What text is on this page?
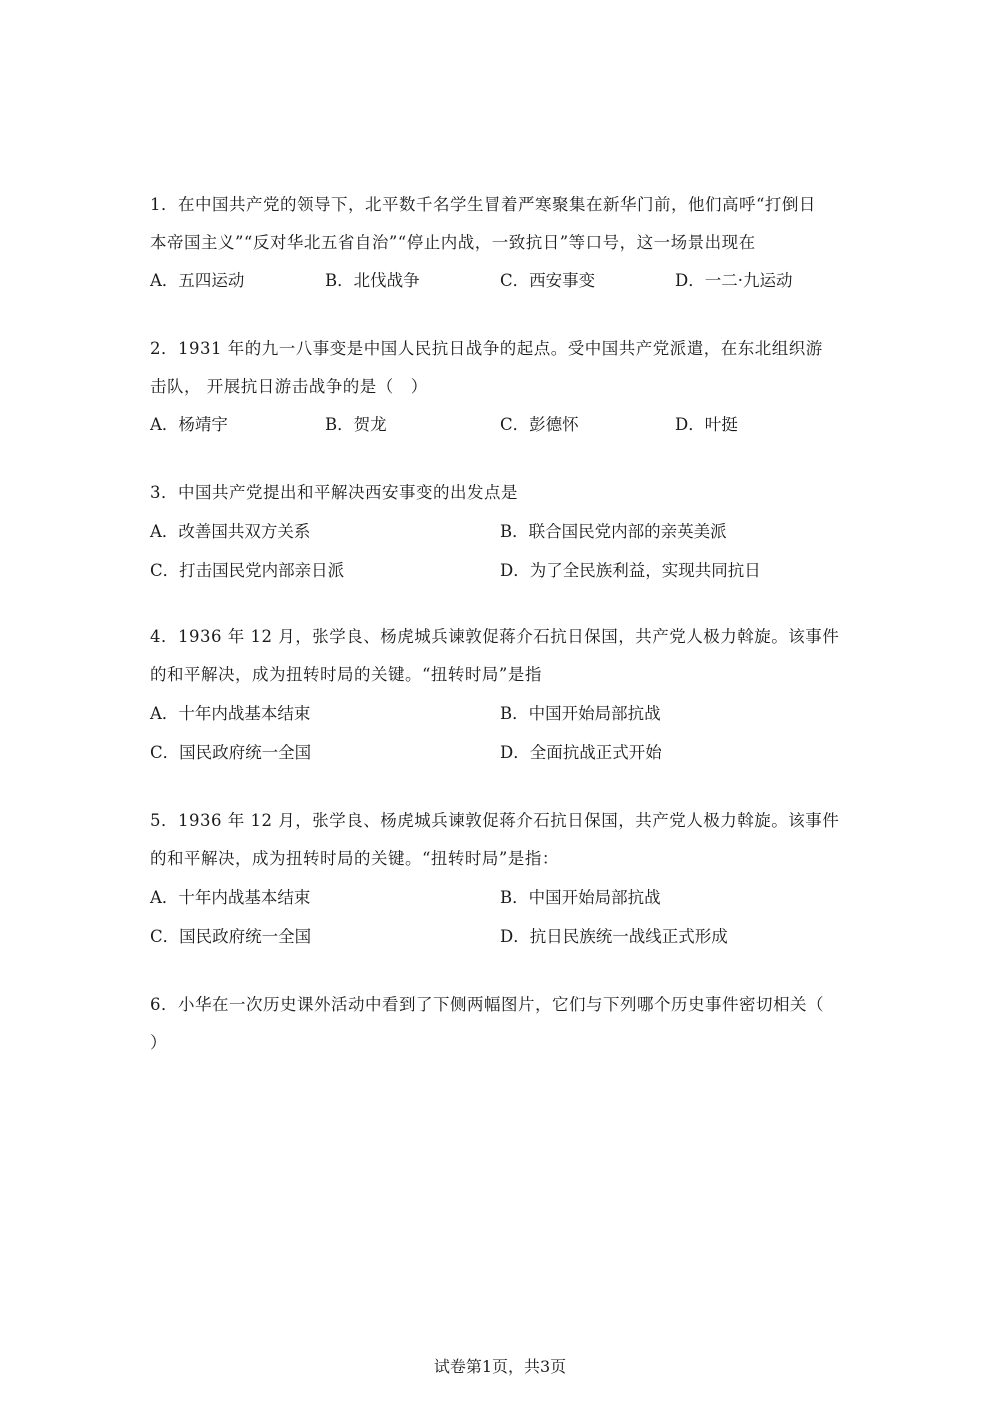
1．在中国共产党的领导下，北平数千名学生冒着严寒聚集在新华门前，他们高呼“打倒日
本帝国主义”“反对华北五省自治”“停止内战，一致抗日”等口号，这一场景出现在

A．五四运动	B．北伐战争	C．西安事变	D．一二·九运动

2．1931 年的九一八事变是中国人民抗日战争的起点。受中国共产党派遣，在东北组织游
击队， 开展抗日游击战争的是（　）

A．杨靖宇	B．贺龙	C．彭德怀	D．叶挺

3．中国共产党提出和平解决西安事变的出发点是

A．改善国共双方关系	B．联合国民党内部的亲英美派
C．打击国民党内部亲日派	D．为了全民族利益，实现共同抗日

4．1936 年 12 月，张学良、杨虎城兵谏敦促蒋介石抗日保国，共产党人极力斡旋。该事件
的和平解决，成为扭转时局的关键。“扭转时局”是指

A．十年内战基本结束	B．中国开始局部抗战
C．国民政府统一全国	D．全面抗战正式开始

5．1936 年 12 月，张学良、杨虎城兵谏敦促蒋介石抗日保国，共产党人极力斡旋。该事件
的和平解决，成为扭转时局的关键。“扭转时局”是指：

A．十年内战基本结束	B．中国开始局部抗战
C．国民政府统一全国	D．抗日民族统一战线正式形成

6．小华在一次历史课外活动中看到了下侧两幅图片，它们与下列哪个历史事件密切相关（
）

试卷第1页，共3页
